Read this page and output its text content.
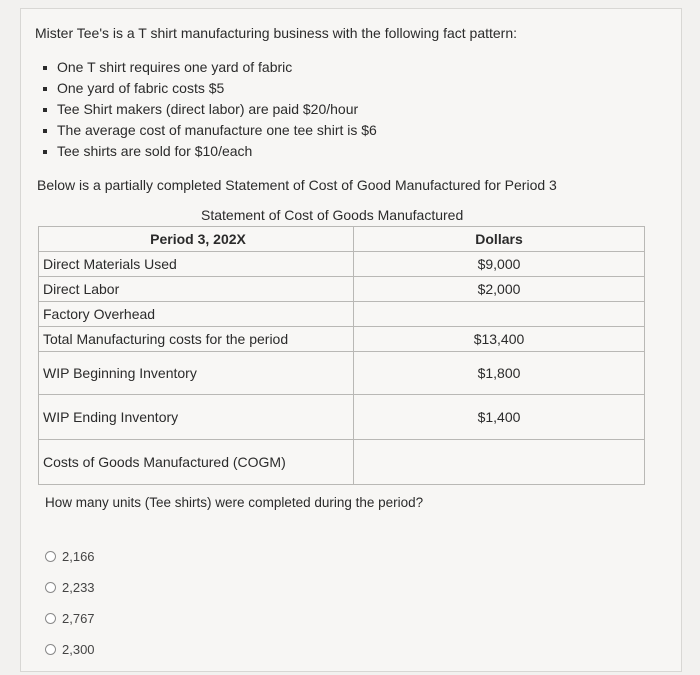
Mister Tee's is a T shirt manufacturing business with the following fact pattern:
One T shirt requires one yard of fabric
One yard of fabric costs $5
Tee Shirt makers (direct labor) are paid $20/hour
The average cost of manufacture one tee shirt is $6
Tee shirts are sold for $10/each
Below is a partially completed Statement of Cost of Good Manufactured for Period 3
Statement of Cost of Goods Manufactured
Period 3, 202X	Dollars
Direct Materials Used	$9,000
Direct Labor	$2,000
Factory Overhead	
Total Manufacturing costs for the period	$13,400
WIP Beginning Inventory	$1,800
WIP Ending Inventory	$1,400
Costs of Goods Manufactured (COGM)	
How many units (Tee shirts) were completed during the period?
2,166
2,233
2,767
2,300
